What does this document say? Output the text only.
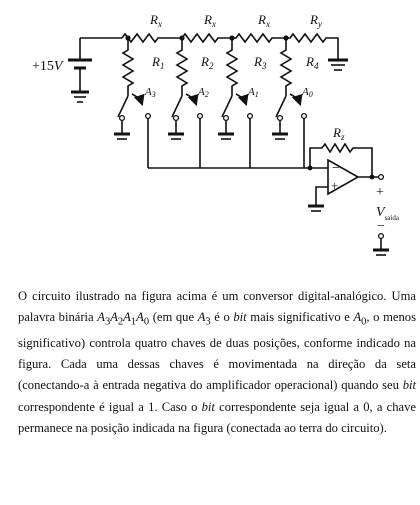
+15V
$R_x$	$R_x$	$R_x$	$R_y$
$R_1$	$R_2$	$R_3$	$R_4$
A3	A2	A1	A0
$R_z$
−
+	+
−
$V_{saída}$

O circuito ilustrado na figura acima é um conversor digital-analógico. Uma palavra binária $A_3A_2A_1A_0$ (em que $A_3$ é o bit mais significativo e $A_0$, o menos significativo) controla quatro chaves de duas posições, conforme indicado na figura. Cada uma dessas chaves é movimentada na direção da seta (conectando-a à entrada negativa do amplificador operacional) quando seu bit correspondente é igual a 1. Caso o bit correspondente seja igual a 0, a chave permanece na posição indicada na figura (conectada ao terra do circuito).
